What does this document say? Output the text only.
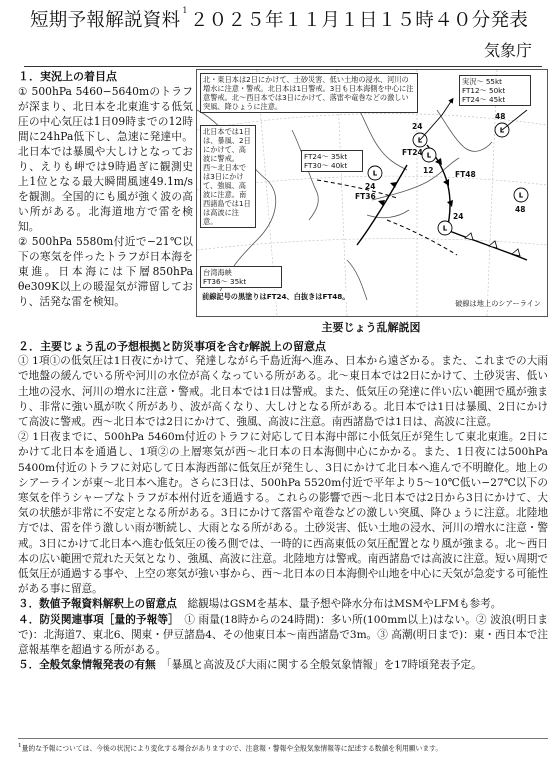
短期予報解説資料 $^1$ ２０２５年１１月１日１５時４０分発表
気象庁
１．実況上の着目点

① 500hPa 5460−5640mのトラフが深まり、北日本を北東進する低気圧の中心気圧は1日09時までの12時間に24hPa低下し、急速に発達中。北日本では暴風や大しけとなっており、えりも岬では9時過ぎに観測史上1位となる最大瞬間風速49.1m/sを観測。全国的にも風が強く波の高い所がある。北海道地方で雷を検知。

② 500hPa 5580m付近で−21℃以下の寒気を伴ったトラフが日本海を東進。日本海には下層850hPa θe309K以上の暖湿気が滞留しており、活発な雷を検知。

L
L
L
L
L
L
24
12
24
48
48
24
FT48
FT36
FT24
北・東日本は2日にかけて、土砂災害、低い土地の浸水、河川の増水に注意・警戒。北日本は1日警戒。3日も日本海側を中心に注意警戒。北〜西日本では3日にかけて、落雷や竜巻などの激しい突風、降ひょうに注意。
北日本では1日は、暴風、2日にかけて、高波に警戒。西〜北日本では3日にかけて、強風、高波に注意。南西諸島では1日は高波に注意。
実況〜 55kt
FT12〜 50kt
FT24〜 45kt
FT24〜 35kt
FT30〜 40kt
台湾海峡
FT36〜 35kt
前線記号の黒塗りはFT24、白抜きはFT48。
破線は地上のシアーライン
主要じょう乱解説図
２．主要じょう乱の予想根拠と防災事項を含む解説上の留意点

① 1項①の低気圧は1日夜にかけて、発達しながら千島近海へ進み、日本から遠ざかる。また、これまでの大雨で地盤の緩んでいる所や河川の水位が高くなっている所がある。北〜東日本では2日にかけて、土砂災害、低い土地の浸水、河川の増水に注意・警戒。北日本では1日は警戒。また、低気圧の発達に伴い広い範囲で風が強まり、非常に強い風が吹く所があり、波が高くなり、大しけとなる所がある。北日本では1日は暴風、2日にかけて高波に警戒。西〜北日本では2日にかけて、強風、高波に注意。南西諸島では1日は、高波に注意。

② 1日夜までに、500hPa 5460m付近のトラフに対応して日本海中部に小低気圧が発生して東北東進。2日にかけて北日本を通過し、1項②の上層寒気が西〜北日本の日本海側中心にかかる。また、1日夜には500hPa 5400m付近のトラフに対応して日本海西部に低気圧が発生し、3日にかけて北日本へ進んで不明瞭化。地上のシアーラインが東〜北日本へ進む。さらに3日は、500hPa 5520m付近で平年より5〜10℃低い−27℃以下の寒気を伴うシャープなトラフが本州付近を通過する。これらの影響で西〜北日本では2日から3日にかけて、大気の状態が非常に不安定となる所がある。3日にかけて落雷や竜巻などの激しい突風、降ひょうに注意。北陸地方では、雷を伴う激しい雨が断続し、大雨となる所がある。土砂災害、低い土地の浸水、河川の増水に注意・警戒。3日にかけて北日本へ進む低気圧の後ろ側では、一時的に西高東低の気圧配置となり風が強まる。北〜西日本の広い範囲で荒れた天気となり、強風、高波に注意。北陸地方は警戒。南西諸島では高波に注意。短い周期で低気圧が通過する事や、上空の寒気が強い事から、西〜北日本の日本海側や山地を中心に天気が急変する可能性がある事に留意。

３．数値予報資料解釈上の留意点　 総観場はGSMを基本、量予想や降水分布はMSMやLFMも参考。

４．防災関連事項［量的予報等］　 ① 雨量(18時からの24時間)：多い所(100mm以上)はない。② 波浪(明日まで)：北海道7、東北6、関東・伊豆諸島4、その他東日本〜南西諸島で3m。③ 高潮(明日まで)：東・西日本で注意報基準を超過する所がある。

５．全般気象情報発表の有無　 「暴風と高波及び大雨に関する全般気象情報」を17時頃発表予定。

$^1$量的な予報については、今後の状況により変化する場合がありますので、注意報・警報や全般気象情報等に記述する数値を利用願います。
